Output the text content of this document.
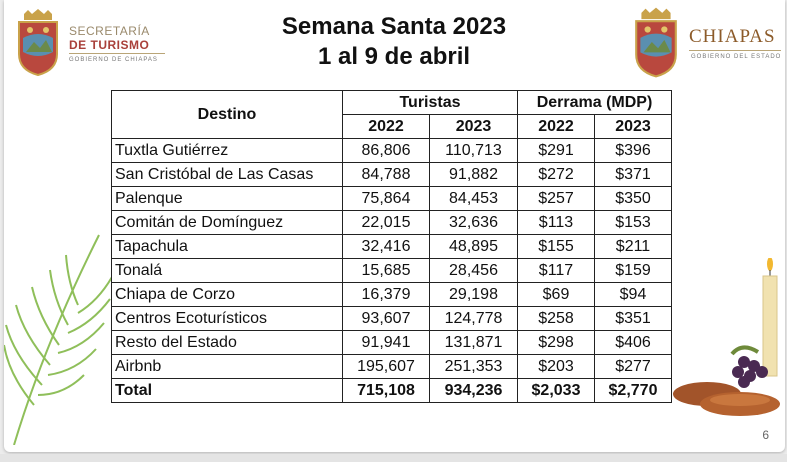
SECRETARÍA
DE TURISMO
GOBIERNO DE CHIAPAS
Semana Santa 2023
1 al 9 de abril
CHIAPAS
GOBIERNO DEL ESTADO
Destino	Turistas		Derrama (MDP)	
	2022	2023	2022	2023
Tuxtla Gutiérrez	86,806	110,713	$291	$396
San Cristóbal de Las Casas	84,788	91,882	$272	$371
Palenque	75,864	84,453	$257	$350
Comitán de Domínguez	22,015	32,636	$113	$153
Tapachula	32,416	48,895	$155	$211
Tonalá	15,685	28,456	$117	$159
Chiapa de Corzo	16,379	29,198	$69	$94
Centros Ecoturísticos	93,607	124,778	$258	$351
Resto del Estado	91,941	131,871	$298	$406
Airbnb	195,607	251,353	$203	$277
Total	715,108	934,236	$2,033	$2,770
6
